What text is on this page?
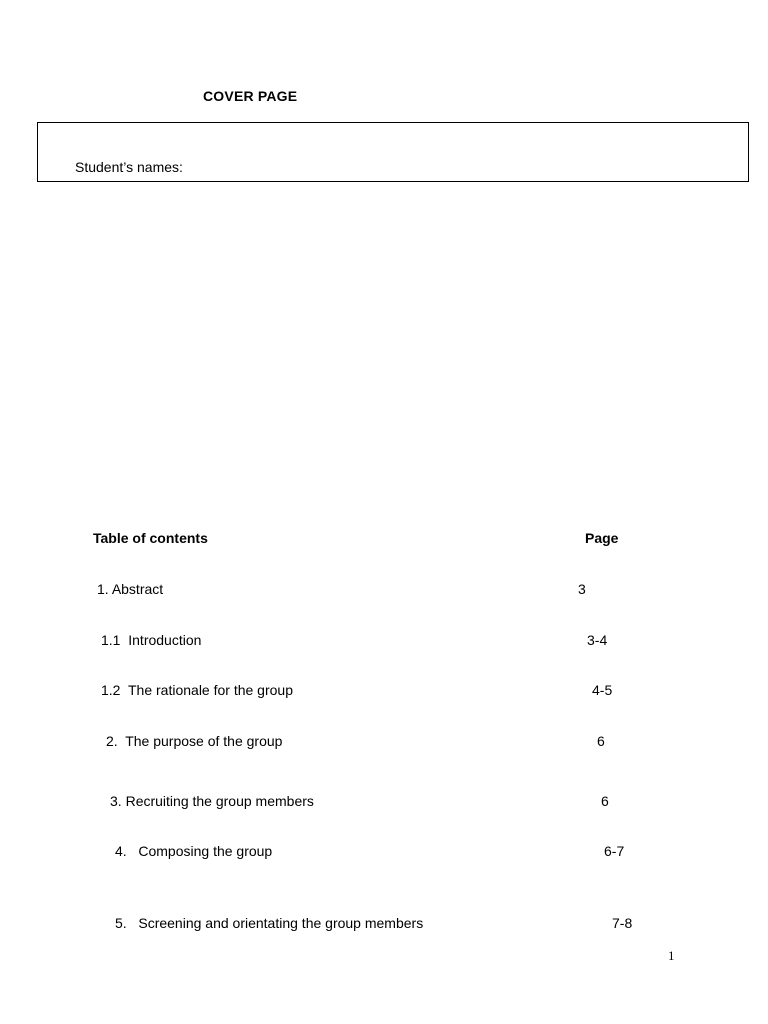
COVER PAGE
Student’s names:
Table of contents	Page
1. Abstract	3
1.1 Introduction	3-4
1.2 The rationale for the group	4-5
2. The purpose of the group	6
3. Recruiting the group members	6
4. Composing the group	6-7
5. Screening and orientating the group members	7-8
1
